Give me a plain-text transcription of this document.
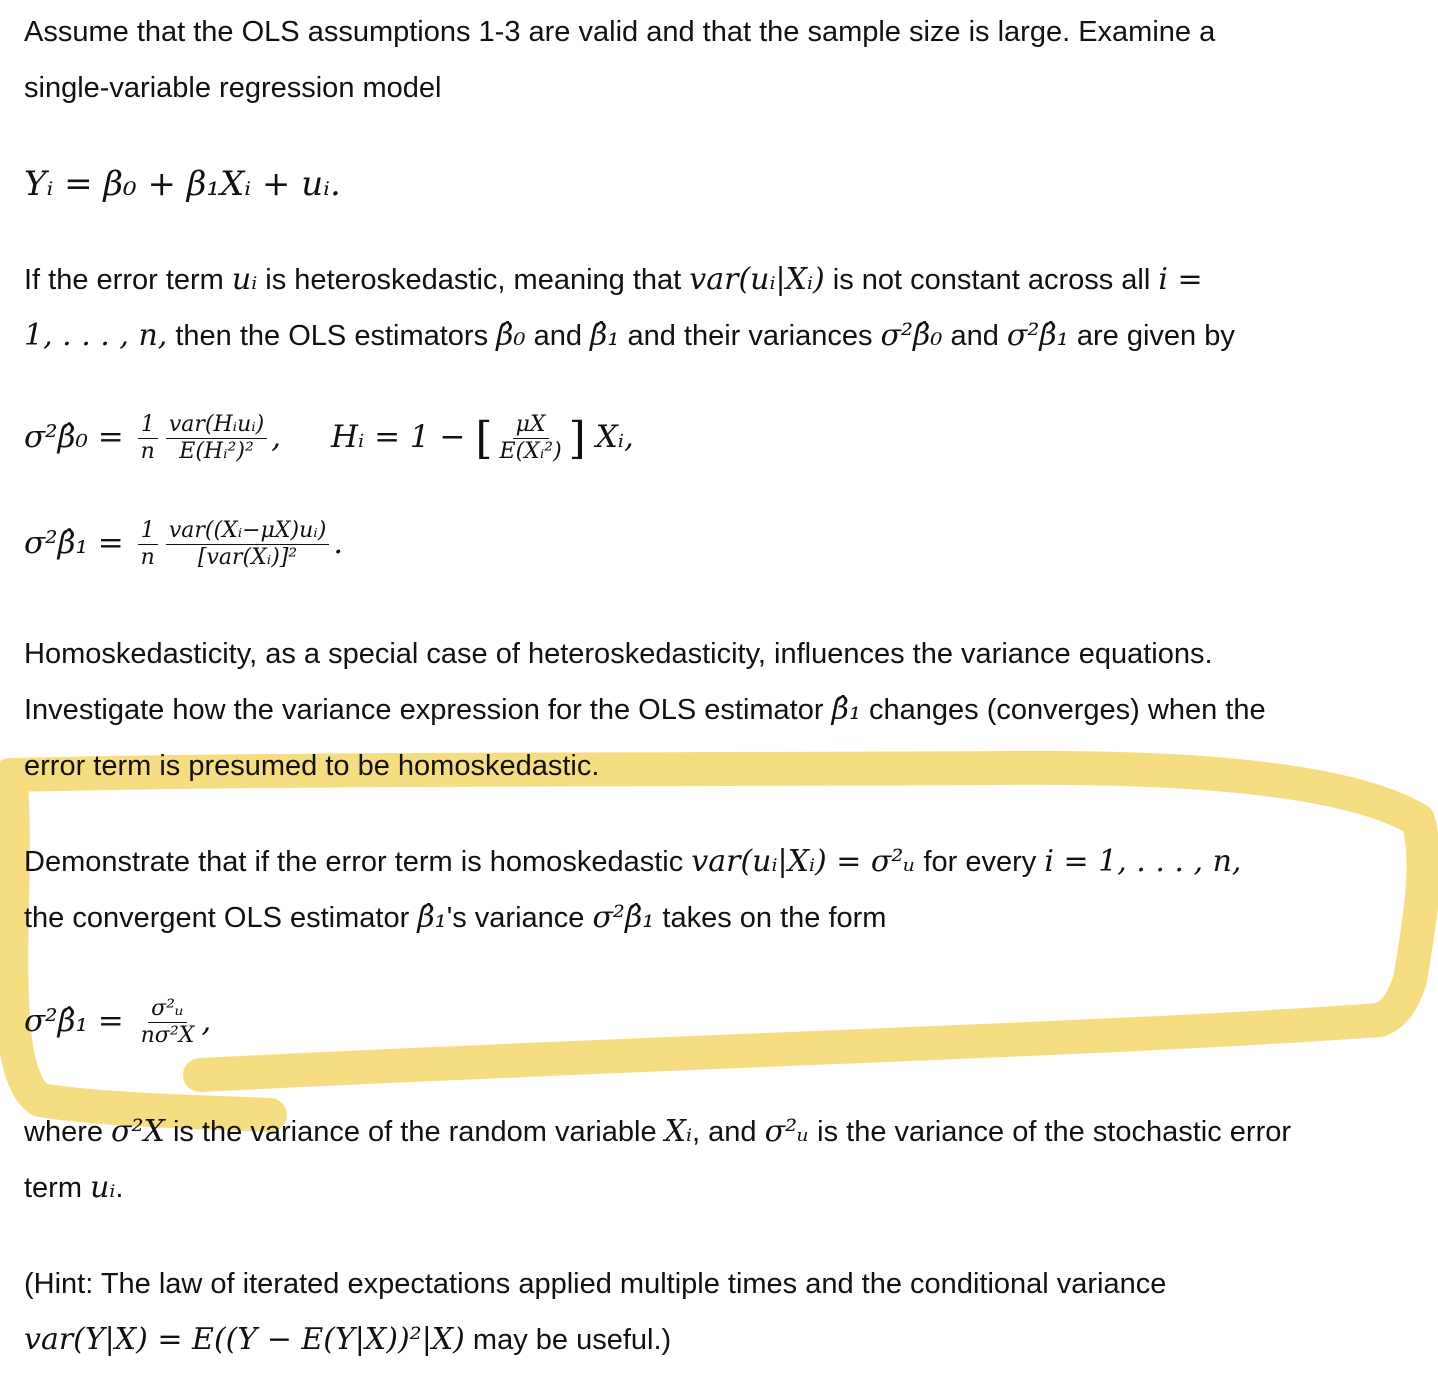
Assume that the OLS assumptions 1-3 are valid and that the sample size is large. Examine a

single-variable regression model

Yᵢ = β₀ + β₁Xᵢ + uᵢ.

If the error term uᵢ is heteroskedastic, meaning that var(uᵢ|Xᵢ) is not constant across all i =

1, . . . , n, then the OLS estimators β̂₀ and β̂₁ and their variances σ²β̂₀ and σ²β̂₁ are given by

σ²β̂₀ = $\frac{1}{n} \frac{\text{var(Hᵢuᵢ)}}{\text{E(Hᵢ²)²}}$ , Hᵢ = 1 − [ $\frac{\mu X}{\text{E(Xᵢ²)}}$ ] Xᵢ,
σ²β̂₁ = $\frac{1}{n} \frac{\text{var((Xᵢ−μX)uᵢ)}}{\text{[var(Xᵢ)]²}}$ .

Homoskedasticity, as a special case of heteroskedasticity, influences the variance equations.

Investigate how the variance expression for the OLS estimator β̂₁ changes (converges) when the

error term is presumed to be homoskedastic.

Demonstrate that if the error term is homoskedastic var(uᵢ|Xᵢ) = σ²ᵤ for every i = 1, . . . , n,

the convergent OLS estimator β̂₁'s variance σ²β̂₁ takes on the form

σ²β̂₁ = $\frac{\text{σ²ᵤ}}{\text{nσ²X}}$ ,

where σ²X is the variance of the random variable Xᵢ, and σ²ᵤ is the variance of the stochastic error

term uᵢ.

(Hint: The law of iterated expectations applied multiple times and the conditional variance

var(Y|X) = E((Y − E(Y|X))²|X) may be useful.)
